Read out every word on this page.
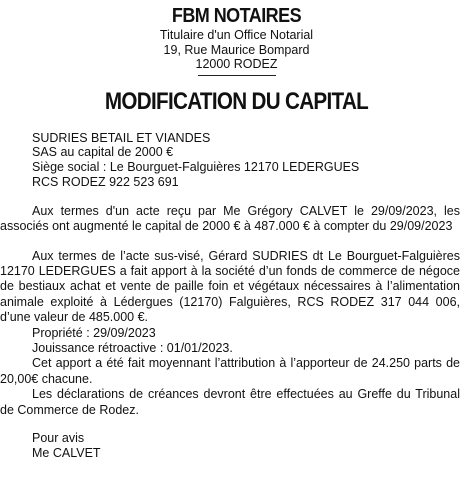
FBM NOTAIRES
Titulaire d'un Office Notarial
19, Rue Maurice Bompard
12000 RODEZ
MODIFICATION DU CAPITAL
SUDRIES BETAIL ET VIANDES
SAS au capital de 2000 €
Siège social : Le Bourguet-Falguières 12170 LEDERGUES
RCS RODEZ 922 523 691

Aux termes d'un acte reçu par Me Grégory CALVET le 29/09/2023, les associés ont augmenté le capital de 2000 € à 487.000 € à compter du 29/09/2023

Aux termes de l’acte sus-visé, Gérard SUDRIES dt Le Bourguet-Falguières 12170 LEDERGUES a fait apport à la société d’un fonds de commerce de négoce de bestiaux achat et vente de paille foin et végétaux nécessaires à l’alimentation animale exploité à Lédergues (12170) Falguières, RCS RODEZ 317 044 006, d’une valeur de 485.000 €.

Propriété : 29/09/2023

Jouissance rétroactive : 01/01/2023.

Cet apport a été fait moyennant l’attribution à l’apporteur de 24.250 parts de 20,00€ chacune.

Les déclarations de créances devront être effectuées au Greffe du Tribunal de Commerce de Rodez.

Pour avis
Me CALVET
